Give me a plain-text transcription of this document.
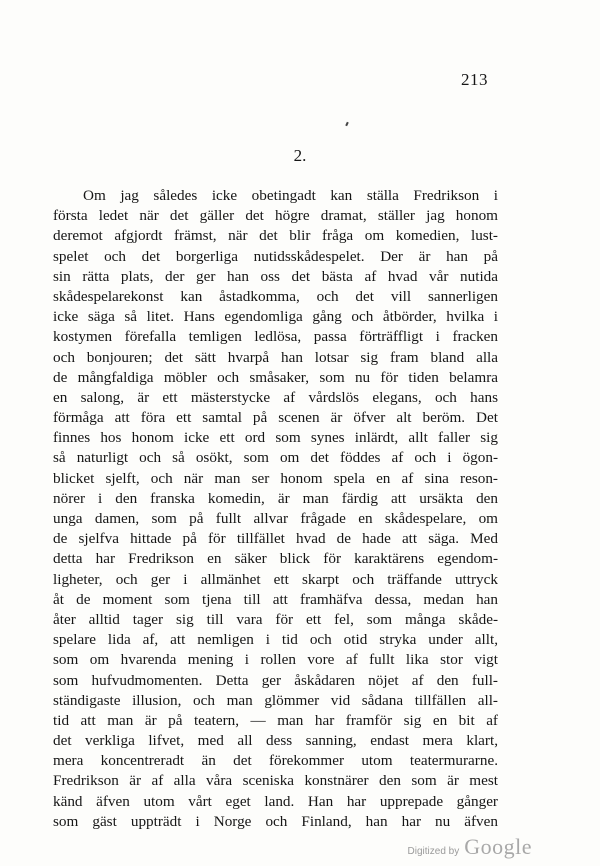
213
2.
Om jag således icke obetingadt kan ställa Fredrikson i
första ledet när det gäller det högre dramat, ställer jag honom
deremot afgjordt främst, när det blir fråga om komedien, lust-
spelet och det borgerliga nutidsskådespelet. Der är han på
sin rätta plats, der ger han oss det bästa af hvad vår nutida
skådespelarekonst kan åstadkomma, och det vill sannerligen
icke säga så litet. Hans egendomliga gång och åtbörder, hvilka i
kostymen förefalla temligen ledlösa, passa förträffligt i fracken
och bonjouren; det sätt hvarpå han lotsar sig fram bland alla
de mångfaldiga möbler och småsaker, som nu för tiden belamra
en salong, är ett mästerstycke af vårdslös elegans, och hans
förmåga att föra ett samtal på scenen är öfver alt beröm. Det
finnes hos honom icke ett ord som synes inlärdt, allt faller sig
så naturligt och så osökt, som om det föddes af och i ögon-
blicket sjelft, och när man ser honom spela en af sina reson-
nörer i den franska komedin, är man färdig att ursäkta den
unga damen, som på fullt allvar frågade en skådespelare, om
de sjelfva hittade på för tillfället hvad de hade att säga. Med
detta har Fredrikson en säker blick för karaktärens egendom-
ligheter, och ger i allmänhet ett skarpt och träffande uttryck
åt de moment som tjena till att framhäfva dessa, medan han
åter alltid tager sig till vara för ett fel, som många skåde-
spelare lida af, att nemligen i tid och otid stryka under allt,
som om hvarenda mening i rollen vore af fullt lika stor vigt
som hufvudmomenten. Detta ger åskådaren nöjet af den full-
ständigaste illusion, och man glömmer vid sådana tillfällen all-
tid att man är på teatern, — man har framför sig en bit af
det verkliga lifvet, med all dess sanning, endast mera klart,
mera koncentreradt än det förekommer utom teatermurarne.
Fredrikson är af alla våra sceniska konstnärer den som är mest
känd äfven utom vårt eget land. Han har upprepade gånger
som gäst uppträdt i Norge och Finland, han har nu äfven
Digitized by Google
